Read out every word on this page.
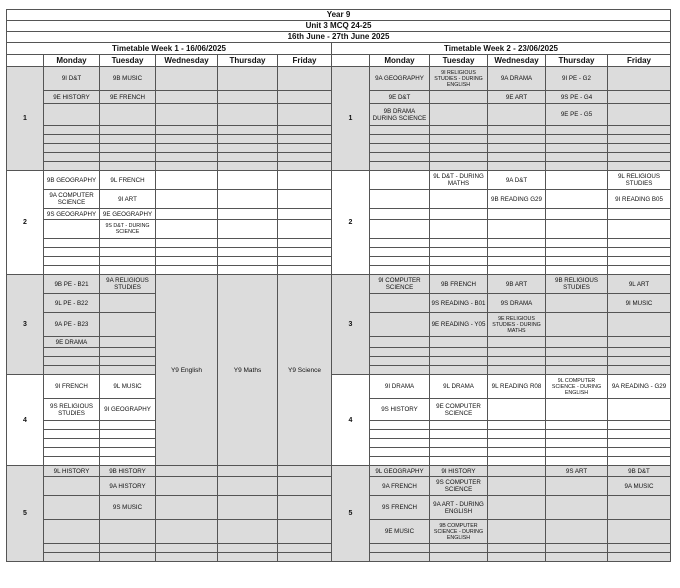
Year 9											
Unit 3 MCQ 24-25											
16th June - 27th June 2025											
Timetable Week 1 - 16/06/2025						Timetable Week 2 - 23/06/2025					
	Monday	Tuesday	Wednesday	Thursday	Friday		Monday	Tuesday	Wednesday	Thursday	Friday
1	9I D&T	9B MUSIC				1	9A GEOGRAPHY	9I RELIGIOUS STUDIES - DURING ENGLISH	9A DRAMA	9I PE - G2	
	9E HISTORY	9E FRENCH					9E D&T		9E ART	9S PE - G4	
							9B DRAMA DURING SCIENCE			9E PE - G5	

2	9B GEOGRAPHY	9L FRENCH				2		9L D&T - DURING MATHS	9A D&T		9L RELIGIOUS STUDIES
	9A COMPUTER SCIENCE	9I ART							9B READING G29		9I READING B05
	9S GEOGRAPHY	9E GEOGRAPHY									
		9S D&T - DURING SCIENCE									

3	9B PE - B21	9A RELIGIOUS STUDIES	Y9 English	Y9 Maths	Y9 Science	3	9I COMPUTER SCIENCE	9B FRENCH	9B ART	9B RELIGIOUS STUDIES	9L ART
	9L PE - B22							9S READING - B01	9S DRAMA		9I MUSIC
	9A PE - B23							9E READING - Y05	9E RELIGIOUS STUDIES - DURING MATHS		
	9E DRAMA										

4	9I FRENCH	9L MUSIC				4	9I DRAMA	9L DRAMA	9L READING R08	9L COMPUTER SCIENCE - DURING ENGLISH	9A READING - G29
	9S RELIGIOUS STUDIES	9I GEOGRAPHY					9S HISTORY	9E COMPUTER SCIENCE			

5	9L HISTORY	9B HISTORY				5	9L GEOGRAPHY	9I HISTORY		9S ART	9B D&T
		9A HISTORY					9A FRENCH	9S COMPUTER SCIENCE			9A MUSIC
		9S MUSIC					9S FRENCH	9A ART - DURING ENGLISH			
							9E MUSIC	9B COMPUTER SCIENCE - DURING ENGLISH			
